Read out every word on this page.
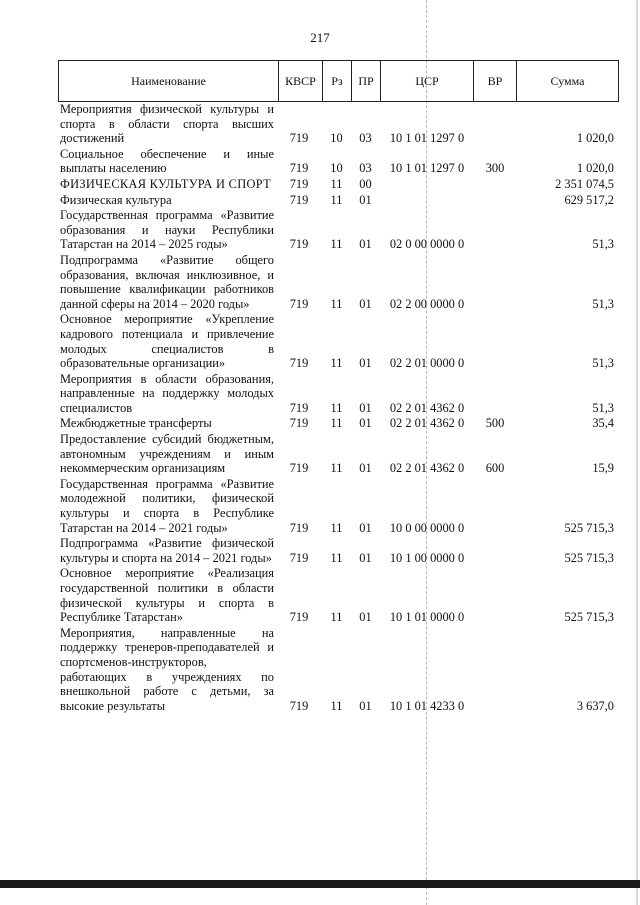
217
Наименование	КВСР	Рз	ПР	ЦСР	ВР	Сумма
Мероприятия физической культуры и спорта в области спорта высших достижений	719	10	03	10 1 01 1297 0		1 020,0
Социальное обеспечение и иные выплаты населению	719	10	03	10 1 01 1297 0	300	1 020,0
ФИЗИЧЕСКАЯ КУЛЬТУРА И СПОРТ	719	11	00			2 351 074,5
Физическая культура	719	11	01			629 517,2
Государственная программа «Развитие образования и науки Республики Татарстан на 2014 – 2025 годы»	719	11	01	02 0 00 0000 0		51,3
Подпрограмма «Развитие общего образования, включая инклюзивное, и повышение квалификации работников данной сферы на 2014 – 2020 годы»	719	11	01	02 2 00 0000 0		51,3
Основное мероприятие «Укрепление кадрового потенциала и привлечение молодых специалистов в образовательные организации»	719	11	01	02 2 01 0000 0		51,3
Мероприятия в области образования, направленные на поддержку молодых специалистов	719	11	01	02 2 01 4362 0		51,3
Межбюджетные трансферты	719	11	01	02 2 01 4362 0	500	35,4
Предоставление субсидий бюджетным, автономным учреждениям и иным некоммерческим организациям	719	11	01	02 2 01 4362 0	600	15,9
Государственная программа «Развитие молодежной политики, физической культуры и спорта в Республике Татарстан на 2014 – 2021 годы»	719	11	01	10 0 00 0000 0		525 715,3
Подпрограмма «Развитие физической культуры и спорта на 2014 – 2021 годы»	719	11	01	10 1 00 0000 0		525 715,3
Основное мероприятие «Реализация государственной политики в области физической культуры и спорта в Республике Татарстан»	719	11	01	10 1 01 0000 0		525 715,3
Мероприятия, направленные на поддержку тренеров-преподавателей и спортсменов-инструкторов, работающих в учреждениях по внешкольной работе с детьми, за высокие результаты	719	11	01	10 1 01 4233 0		3 637,0
